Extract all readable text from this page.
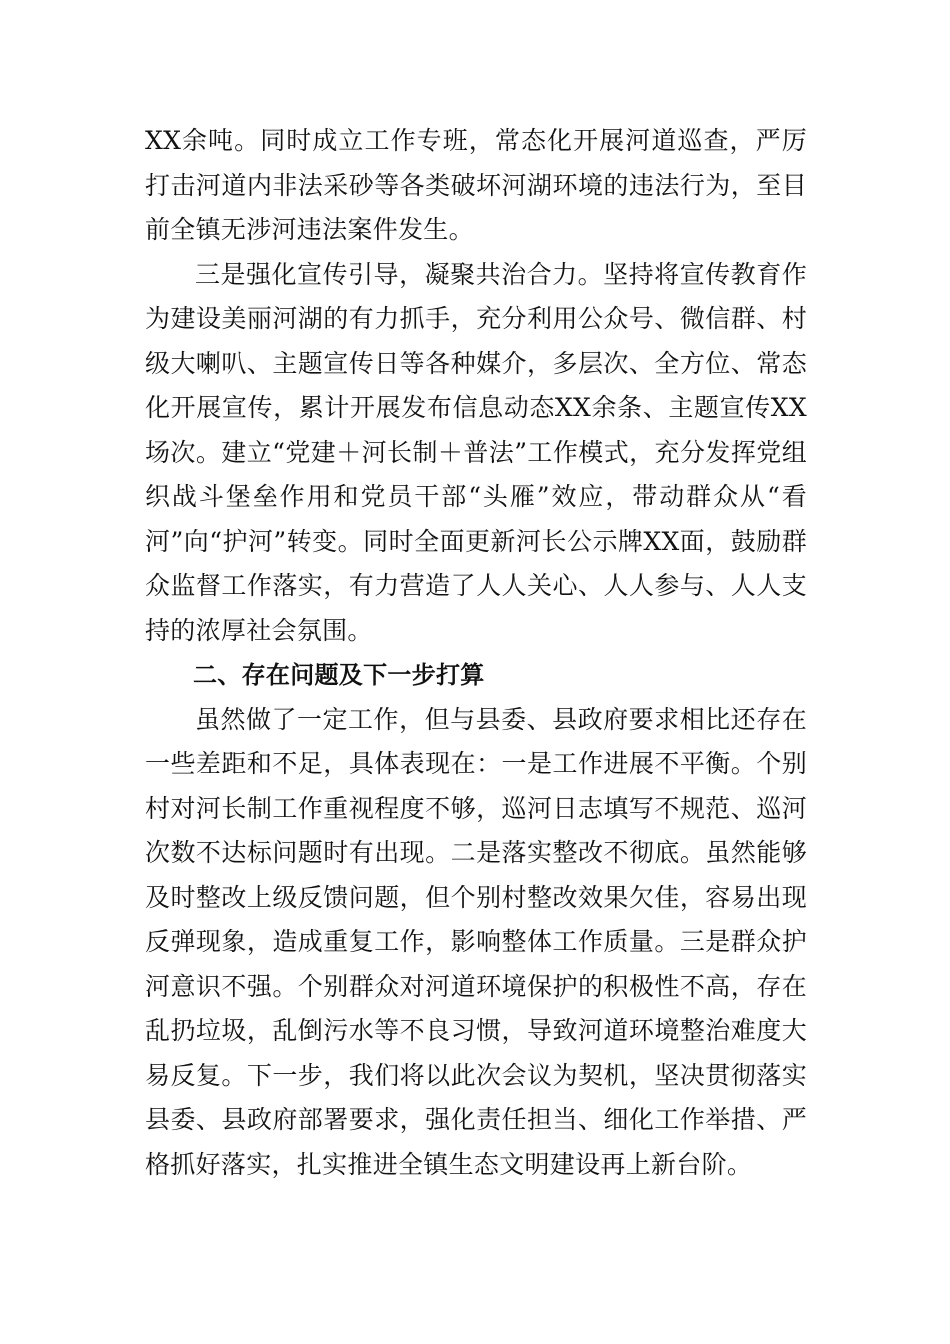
XX余吨。同时成立工作专班，常态化开展河道巡查，严厉打击河道内非法采砂等各类破坏河湖环境的违法行为，至目前全镇无涉河违法案件发生。

三是强化宣传引导，凝聚共治合力。坚持将宣传教育作为建设美丽河湖的有力抓手，充分利用公众号、微信群、村级大喇叭、主题宣传日等各种媒介，多层次、全方位、常态化开展宣传，累计开展发布信息动态XX余条、主题宣传XX场次。建立“党建＋河长制＋普法”工作模式，充分发挥党组织战斗堡垒作用和党员干部“头雁”效应，带动群众从“看河”向“护河”转变。同时全面更新河长公示牌XX面，鼓励群众监督工作落实，有力营造了人人关心、人人参与、人人支持的浓厚社会氛围。

二、存在问题及下一步打算

虽然做了一定工作，但与县委、县政府要求相比还存在一些差距和不足，具体表现在：一是工作进展不平衡。个别村对河长制工作重视程度不够，巡河日志填写不规范、巡河次数不达标问题时有出现。二是落实整改不彻底。虽然能够及时整改上级反馈问题，但个别村整改效果欠佳，容易出现反弹现象，造成重复工作，影响整体工作质量。三是群众护河意识不强。个别群众对河道环境保护的积极性不高，存在乱扔垃圾，乱倒污水等不良习惯，导致河道环境整治难度大易反复。下一步，我们将以此次会议为契机，坚决贯彻落实县委、县政府部署要求，强化责任担当、细化工作举措、严格抓好落实，扎实推进全镇生态文明建设再上新台阶。
